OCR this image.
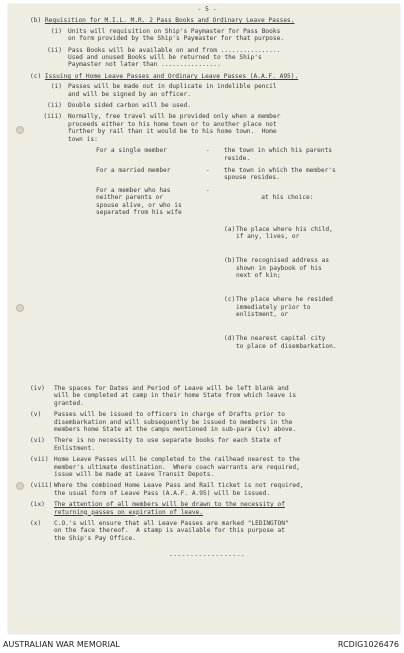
- 5 -
(b) Requisition for M.I.L. M.R. 2 Pass Books and Ordinary Leave Passes.
(i) Units will requisition on Ship's Paymaster for Pass Books
on form provided by the Ship's Paymaster for that purpose.
(ii) Pass Books will be available on and from ................
Used and unused Books will be returned to the Ship's
Paymaster not later than ................
(c) Issuing of Home Leave Passes and Ordinary Leave Passes (A.A.F. A95).
(i) Passes will be made out in duplicate in indelible pencil
and will be signed by an officer.
(ii) Double sided carbon will be used.
(iii) Normally, free travel will be provided only when a member
proceeds either to his home town or to another place not
further by rail than it would be to his home town.  Home
town is:
For a single member	-	the town in which his parents
reside.
For a married member	-	the town in which the member's
spouse resides.
For a member who has
neither parents or
spouse alive, or who is
separated from his wife
-

at his choice:

(a) The place where his child,
if any, lives, or

(b) The recognised address as
shown in paybook of his
next of kin;

(c) The place where he resided
immediately prior to
enlistment, or

(d) The nearest capital city
to place of disembarkation.

(iv)	The spaces for Dates and Period of Leave will be left blank and
will be completed at camp in their home State from which leave is
granted.
(v)	Passes will be issued to officers in charge of Drafts prior to
disembarkation and will subsequently be issued to members in the
members home State at the camps mentioned in sub-para (iv) above.
(vi)	There is no necessity to use separate books for each State of
Enlistment.
(vii) Home Leave Passes will be completed to the railhead nearest to the
member's ultimate destination.  Where coach warrants are required,
issue will be made at Leave Transit Depots.
(viii) Where the combined Home Leave Pass and Rail ticket is not required,
the usual form of Leave Pass (A.A.F. A.95) will be issued.
(ix)	The attention of all members will be drawn to the necessity of
returning passes on expiration of leave.
(x)	C.O.'s will ensure that all Leave Passes are marked "LEDINGTON"
on the face thereof.  A stamp is available for this purpose at
the Ship's Pay Office.
------------------
AUSTRALIAN WAR MEMORIAL	RCDIG1026476
